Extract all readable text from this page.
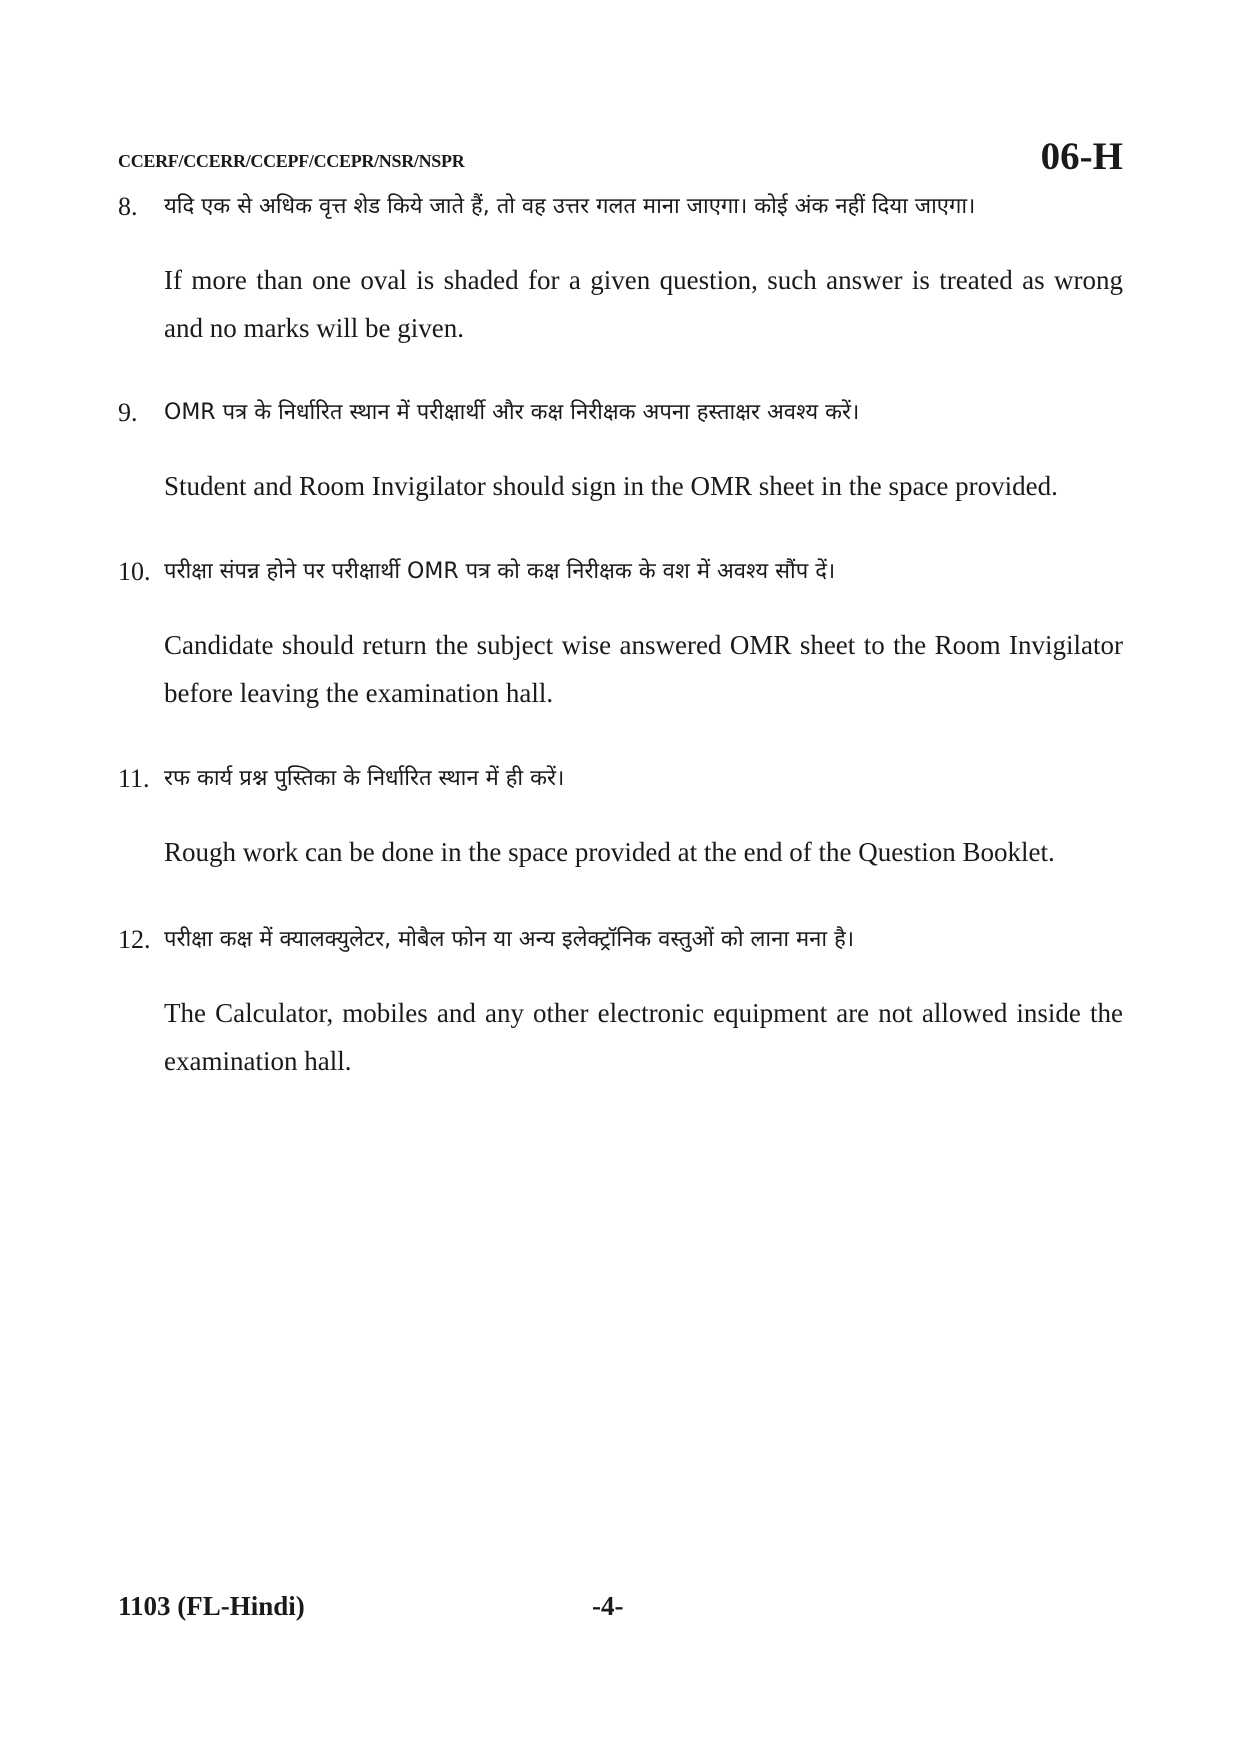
CCERF/CCERR/CCEPF/CCEPR/NSR/NSPR	06-H
8. यदि एक से अधिक वृत्त शेड किये जाते हैं, तो वह उत्तर गलत माना जाएगा। कोई अंक नहीं दिया जाएगा।
If more than one oval is shaded for a given question, such answer is treated as wrong and no marks will be given.
9. OMR पत्र के निर्धारित स्थान में परीक्षार्थी और कक्ष निरीक्षक अपना हस्ताक्षर अवश्य करें।
Student and Room Invigilator should sign in the OMR sheet in the space provided.
10. परीक्षा संपन्न होने पर परीक्षार्थी OMR पत्र को कक्ष निरीक्षक के वश में अवश्य सौंप दें।
Candidate should return the subject wise answered OMR sheet to the Room Invigilator before leaving the examination hall.
11. रफ कार्य प्रश्न पुस्तिका के निर्धारित स्थान में ही करें।
Rough work can be done in the space provided at the end of the Question Booklet.
12. परीक्षा कक्ष में क्यालक्युलेटर, मोबैल फोन या अन्य इलेक्ट्रॉनिक वस्तुओं को लाना मना है।
The Calculator, mobiles and any other electronic equipment are not allowed inside the examination hall.
1103 (FL-Hindi)	-4-
